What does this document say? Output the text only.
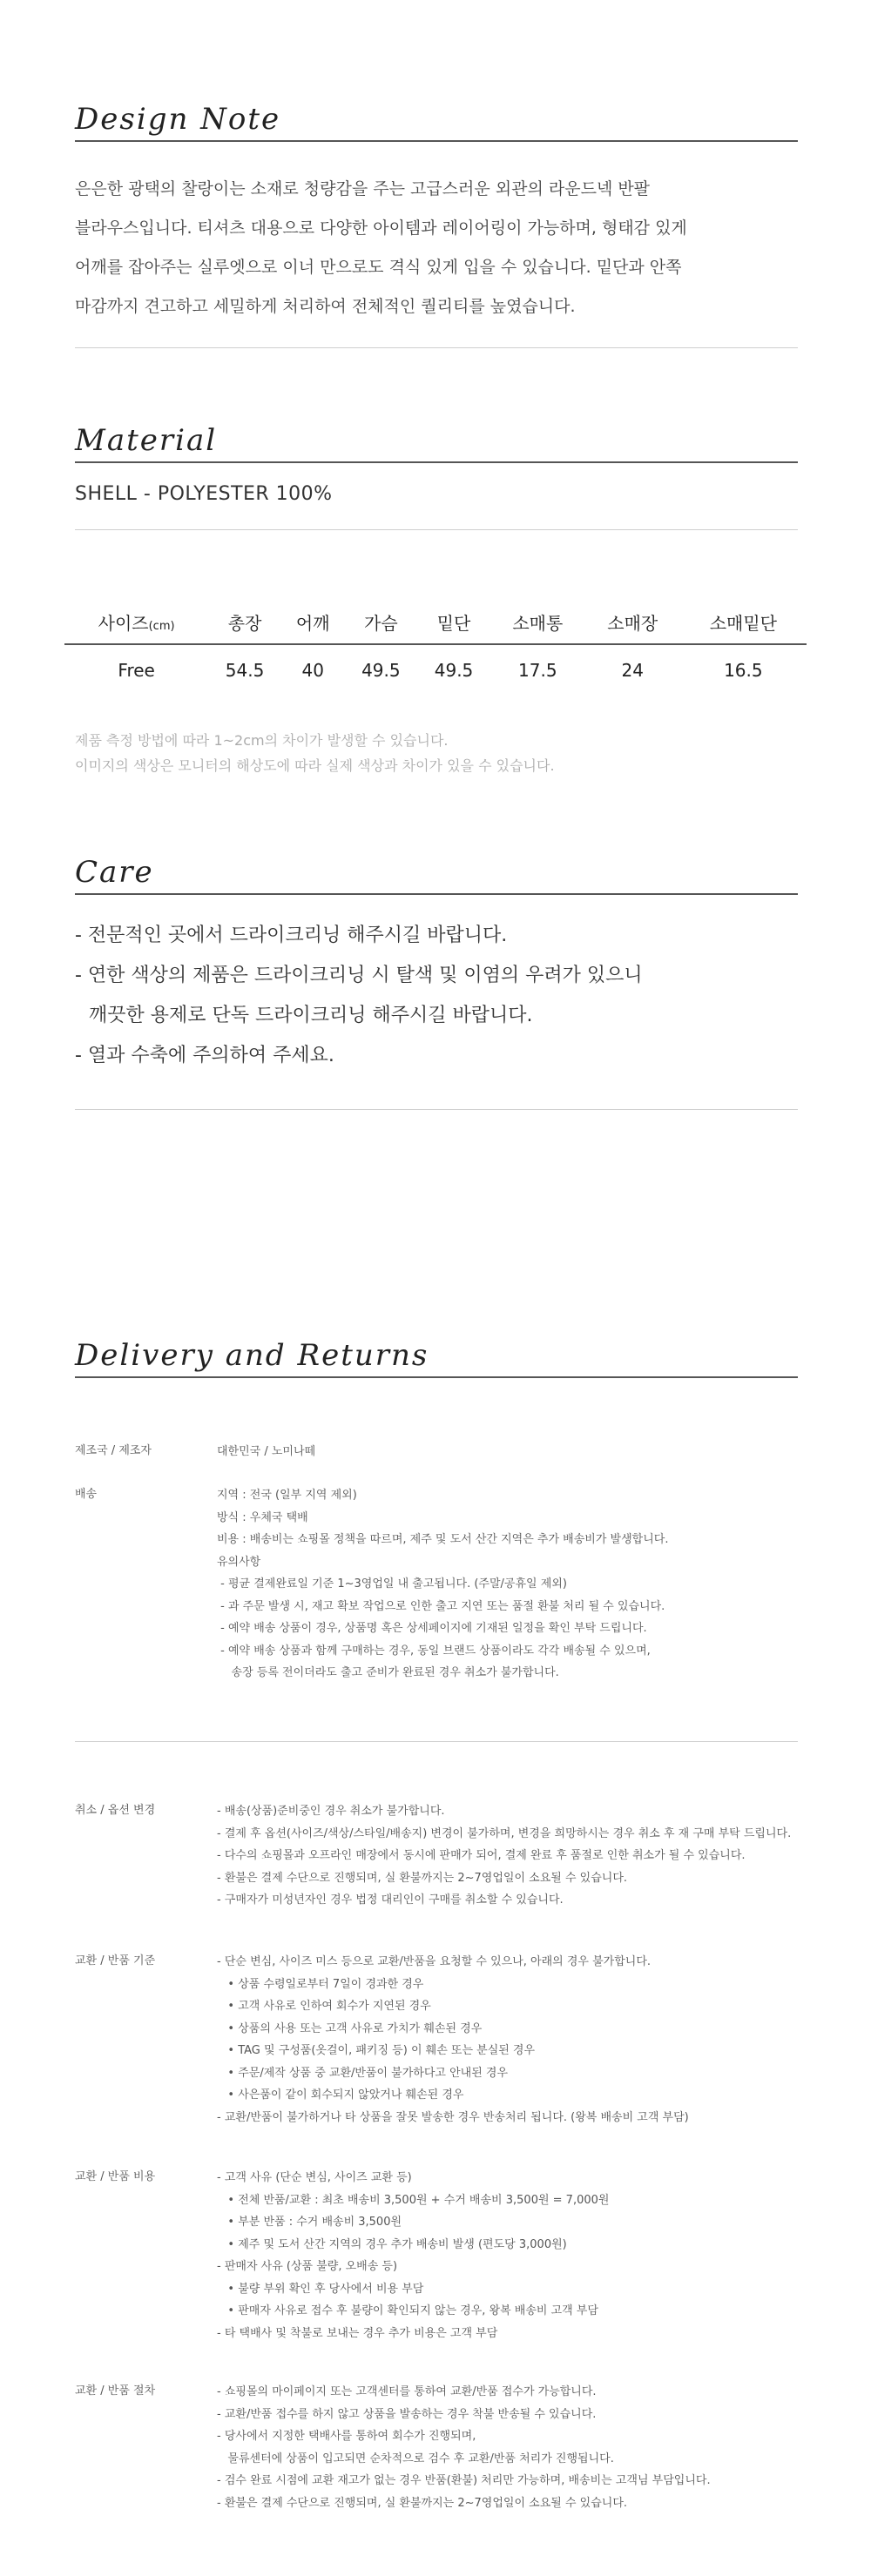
Design Note
은은한 광택의 찰랑이는 소재로 청량감을 주는 고급스러운 외관의 라운드넥 반팔
블라우스입니다. 티셔츠 대용으로 다양한 아이템과 레이어링이 가능하며, 형태감 있게
어깨를 잡아주는 실루엣으로 이너 만으로도 격식 있게 입을 수 있습니다. 밑단과 안쪽
마감까지 견고하고 세밀하게 처리하여 전체적인 퀄리티를 높였습니다.
Material
SHELL - POLYESTER 100%
사이즈(cm)	총장	어깨	가슴	밑단	소매통	소매장	소매밑단
Free	54.5	40	49.5	49.5	17.5	24	16.5
제품 측정 방법에 따라 1~2cm의 차이가 발생할 수 있습니다.
이미지의 색상은 모니터의 해상도에 따라 실제 색상과 차이가 있을 수 있습니다.
Care
- 전문적인 곳에서 드라이크리닝 해주시길 바랍니다.
- 연한 색상의 제품은 드라이크리닝 시 탈색 및 이염의 우려가 있으니
깨끗한 용제로 단독 드라이크리닝 해주시길 바랍니다.
- 열과 수축에 주의하여 주세요.
Delivery and Returns
제조국 / 제조자	대한민국 / 노미나떼
배송	지역 : 전국 (일부 지역 제외)
방식 : 우체국 택배
비용 : 배송비는 쇼핑몰 정책을 따르며, 제주 및 도서 산간 지역은 추가 배송비가 발생합니다.
유의사항
- 평균 결제완료일 기준 1~3영업일 내 출고됩니다. (주말/공휴일 제외)
- 과 주문 발생 시, 재고 확보 작업으로 인한 출고 지연 또는 품절 환불 처리 될 수 있습니다.
- 예약 배송 상품이 경우, 상품명 혹은 상세페이지에 기재된 일정을 확인 부탁 드립니다.
- 예약 배송 상품과 함께 구매하는 경우, 동일 브랜드 상품이라도 각각 배송될 수 있으며,
송장 등록 전이더라도 출고 준비가 완료된 경우 취소가 불가합니다.
취소 / 옵션 변경	- 배송(상품)준비중인 경우 취소가 불가합니다.
- 결제 후 옵션(사이즈/색상/스타일/배송지) 변경이 불가하며, 변경을 희망하시는 경우 취소 후 재 구매 부탁 드립니다.
- 다수의 쇼핑몰과 오프라인 매장에서 동시에 판매가 되어, 결제 완료 후 품절로 인한 취소가 될 수 있습니다.
- 환불은 결제 수단으로 진행되며, 실 환불까지는 2~7영업일이 소요될 수 있습니다.
- 구매자가 미성년자인 경우 법정 대리인이 구매를 취소할 수 있습니다.
교환 / 반품 기준	- 단순 변심, 사이즈 미스 등으로 교환/반품을 요청할 수 있으나, 아래의 경우 불가합니다.
• 상품 수령일로부터 7일이 경과한 경우
• 고객 사유로 인하여 회수가 지연된 경우
• 상품의 사용 또는 고객 사유로 가치가 훼손된 경우
• TAG 및 구성품(옷걸이, 패키징 등) 이 훼손 또는 분실된 경우
• 주문/제작 상품 중 교환/반품이 불가하다고 안내된 경우
• 사은품이 같이 회수되지 않았거나 훼손된 경우
- 교환/반품이 불가하거나 타 상품을 잘못 발송한 경우 반송처리 됩니다. (왕복 배송비 고객 부담)
교환 / 반품 비용	- 고객 사유 (단순 변심, 사이즈 교환 등)
• 전체 반품/교환 : 최초 배송비 3,500원 + 수거 배송비 3,500원 = 7,000원
• 부분 반품 : 수거 배송비 3,500원
• 제주 및 도서 산간 지역의 경우 추가 배송비 발생 (편도당 3,000원)
- 판매자 사유 (상품 불량, 오배송 등)
• 불량 부위 확인 후 당사에서 비용 부담
• 판매자 사유로 접수 후 불량이 확인되지 않는 경우, 왕복 배송비 고객 부담
- 타 택배사 및 착불로 보내는 경우 추가 비용은 고객 부담
교환 / 반품 절차	- 쇼핑몰의 마이페이지 또는 고객센터를 통하여 교환/반품 접수가 가능합니다.
- 교환/반품 접수를 하지 않고 상품을 발송하는 경우 착불 반송될 수 있습니다.
- 당사에서 지정한 택배사를 통하여 회수가 진행되며,
물류센터에 상품이 입고되면 순차적으로 검수 후 교환/반품 처리가 진행됩니다.
- 검수 완료 시점에 교환 재고가 없는 경우 반품(환불) 처리만 가능하며, 배송비는 고객님 부담입니다.
- 환불은 결제 수단으로 진행되며, 실 환불까지는 2~7영업일이 소요될 수 있습니다.
